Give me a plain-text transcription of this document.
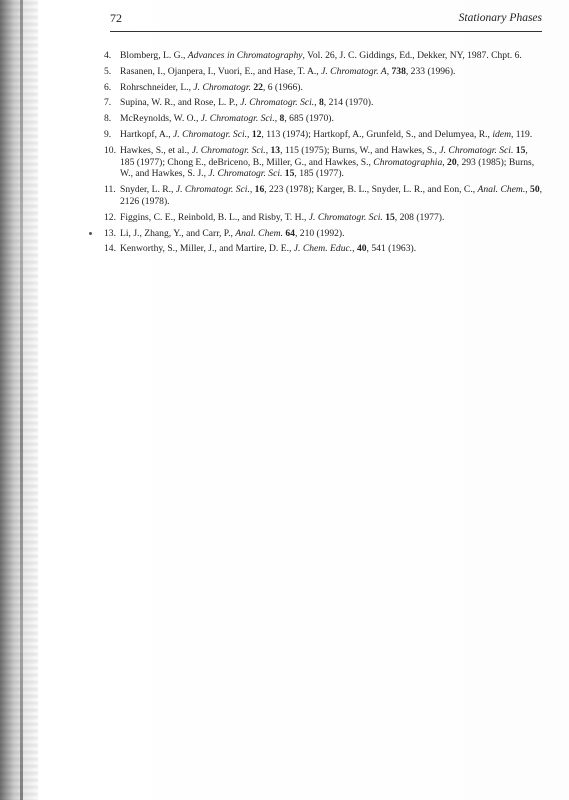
72	Stationary Phases
4. Blomberg, L. G., Advances in Chromatography, Vol. 26, J. C. Giddings, Ed., Dekker, NY, 1987. Chpt. 6.
5. Rasanen, I., Ojanpera, I., Vuori, E., and Hase, T. A., J. Chromatogr. A, 738, 233 (1996).
6. Rohrschneider, L., J. Chromatogr. 22, 6 (1966).
7. Supina, W. R., and Rose, L. P., J. Chromatogr. Sci., 8, 214 (1970).
8. McReynolds, W. O., J. Chromatogr. Sci., 8, 685 (1970).
9. Hartkopf, A., J. Chromatogr. Sci., 12, 113 (1974); Hartkopf, A., Grunfeld, S., and Delumyea, R., idem, 119.
10. Hawkes, S., et al., J. Chromatogr. Sci., 13, 115 (1975); Burns, W., and Hawkes, S., J. Chromatogr. Sci. 15, 185 (1977); Chong E., deBriceno, B., Miller, G., and Hawkes, S., Chromatographia, 20, 293 (1985); Burns, W., and Hawkes, S. J., J. Chromatogr. Sci. 15, 185 (1977).
11. Snyder, L. R., J. Chromatogr. Sci., 16, 223 (1978); Karger, B. L., Snyder, L. R., and Eon, C., Anal. Chem., 50, 2126 (1978).
12. Figgins, C. E., Reinbold, B. L., and Risby, T. H., J. Chromatogr. Sci. 15, 208 (1977).
13. Li, J., Zhang, Y., and Carr, P., Anal. Chem. 64, 210 (1992).
14. Kenworthy, S., Miller, J., and Martire, D. E., J. Chem. Educ., 40, 541 (1963).
